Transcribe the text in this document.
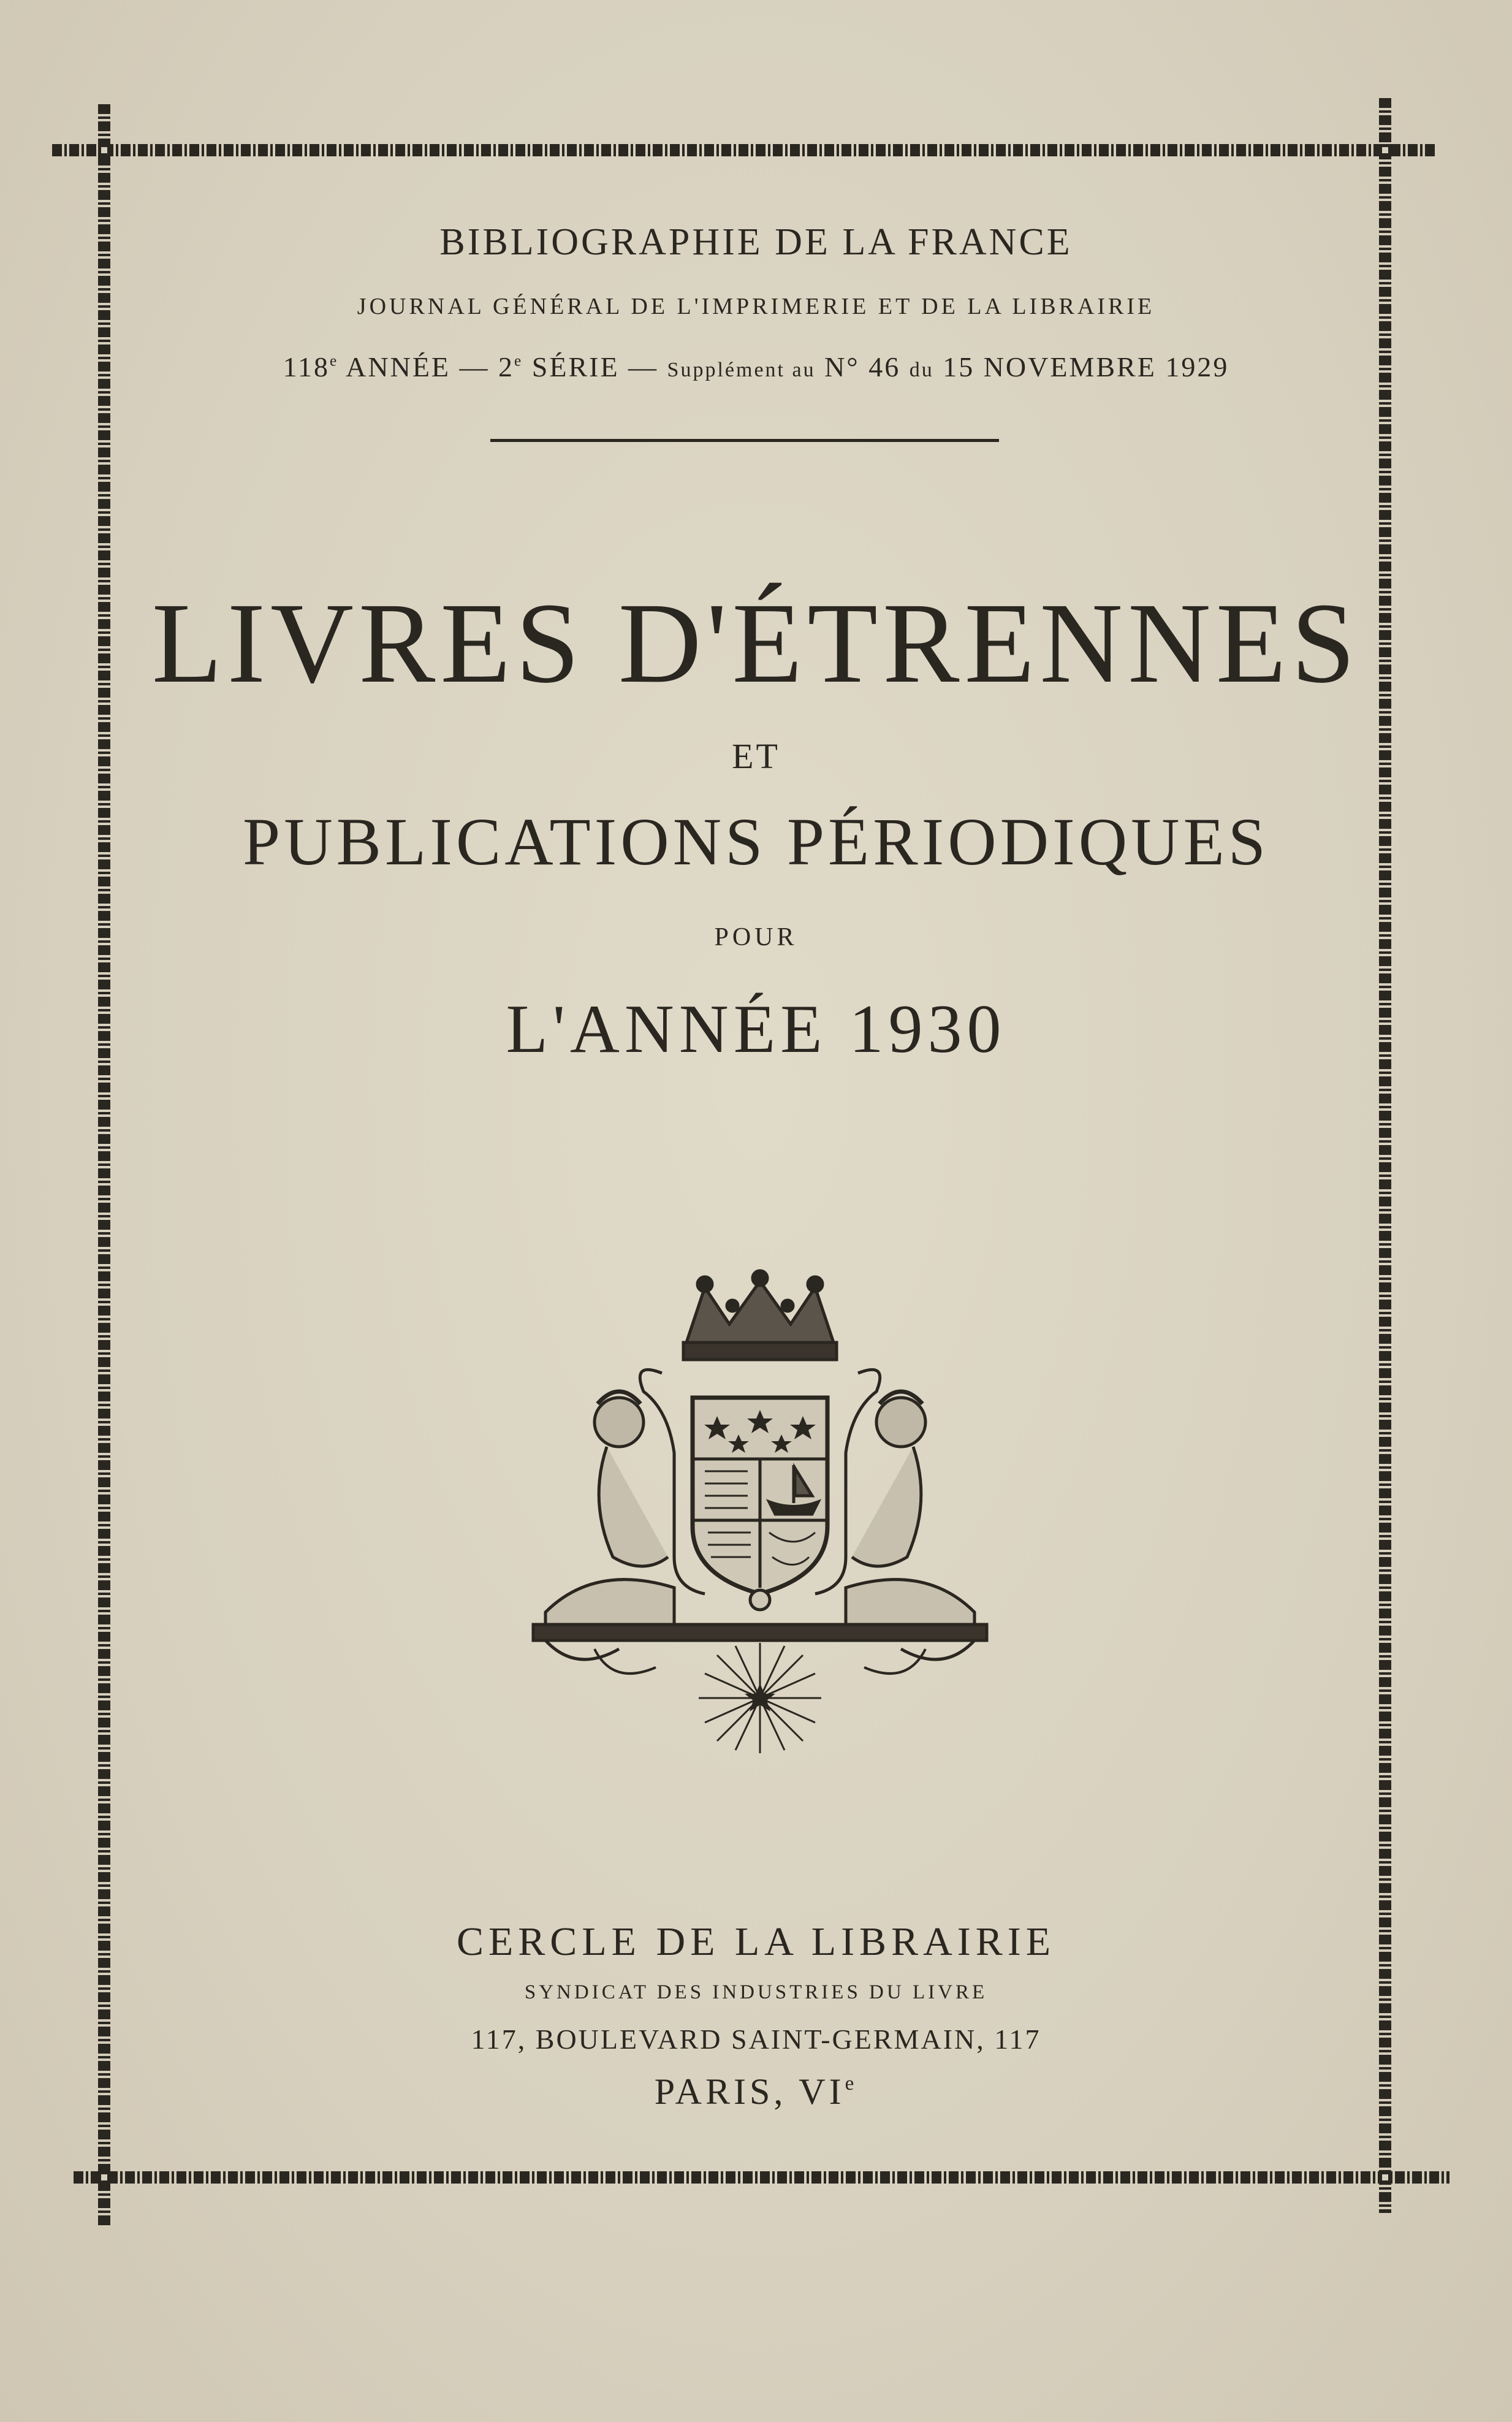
BIBLIOGRAPHIE DE LA FRANCE
JOURNAL GÉNÉRAL DE L'IMPRIMERIE ET DE LA LIBRAIRIE
118e ANNÉE — 2e SÉRIE — Supplément au N° 46 du 15 NOVEMBRE 1929
LIVRES D'ÉTRENNES
ET
PUBLICATIONS PÉRIODIQUES
POUR
L'ANNÉE 1930
CERCLE DE LA LIBRAIRIE
SYNDICAT DES INDUSTRIES DU LIVRE
117, BOULEVARD SAINT-GERMAIN, 117
PARIS, VIe
